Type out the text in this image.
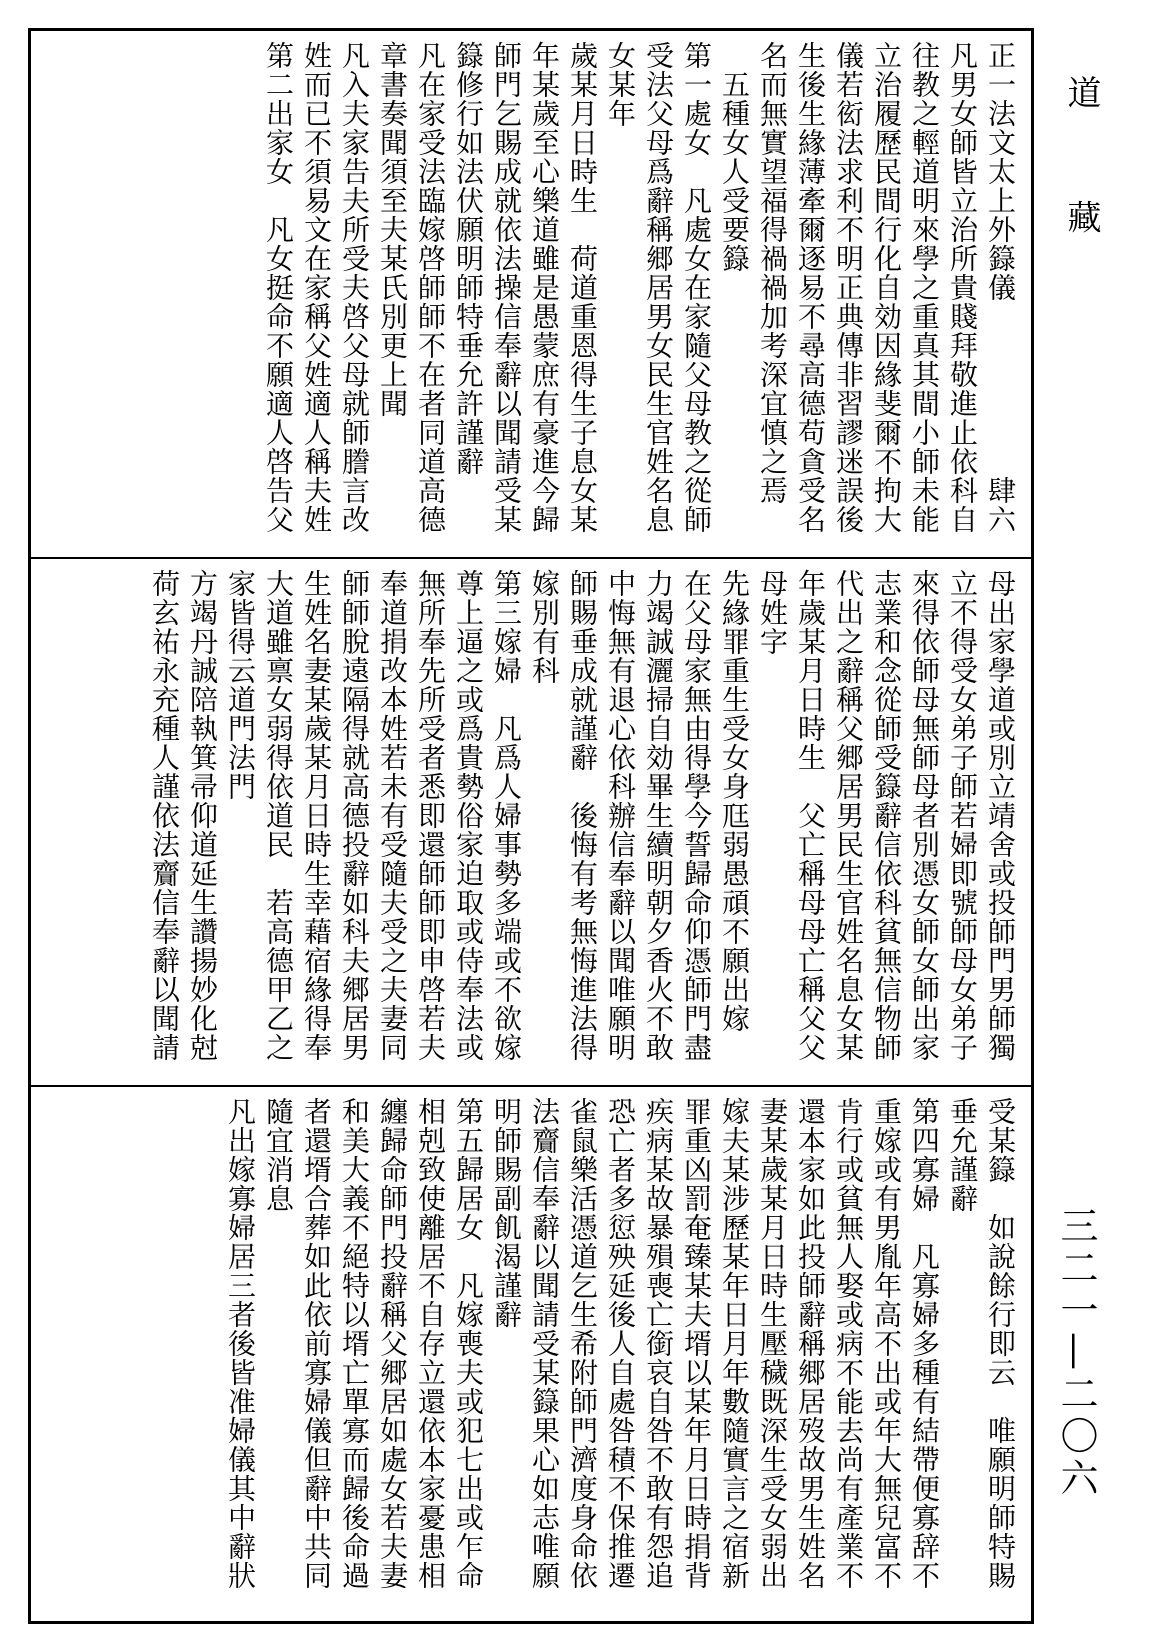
正一法文太上外籙儀　　　　　　肆六
凡男女師皆立治所貴賤拜敬進止依科自
往教之輕道明來學之重真其間小師未能
立治履歷民間行化自効因緣斐爾不拘大
儀若衒法求利不明正典傳非習謬迷誤後
生後生緣薄牽爾逐易不尋高德苟貪受名
名而無實望福得禍禍加考深宜慎之焉
　五種女人受要籙
第一處女　凡處女在家隨父母教之從師
受法父母爲辭稱郷居男女民生官姓名息女某年
歲某月日時生　荷道重恩得生子息女某
年某歲至心樂道雖是愚蒙庶有豪進今歸
師門乞賜成就依法操信奉辭以聞請受某
籙修行如法伏願明師特垂允許謹辭
凡在家受法臨嫁啓師師不在者同道高德
章書奏聞須至夫某氏別更上聞
凡入夫家告夫所受夫啓父母就師謄言改
姓而已不須易文在家稱父姓適人稱夫姓
第二出家女　凡女挺命不願適人啓告父
母出家學道或別立靖舍或投師門男師獨
立不得受女弟子師若婦即號師母女弟子
來得依師母無師母者別憑女師女師出家
志業和念從師受籙辭信依科貧無信物師
代出之辭稱父郷居男民生官姓名息女某
年歲某月日時生　父亡稱母母亡稱父父母姓字
先緣罪重生受女身尫弱愚頑不願出嫁
在父母家無由得學今誓歸命仰憑師門盡
力竭誠灑掃自効畢生續明朝夕香火不敢
中悔無有退心依科辦信奉辭以聞唯願明
師賜垂成就謹辭　後悔有考無悔進法得嫁別有科
第三嫁婦　凡爲人婦事勢多端或不欲嫁
尊上逼之或爲貴勢俗家迫取或侍奉法或
無所奉先所受者悉即還師師即申啓若夫
奉道捐改本姓若未有受隨夫受之夫妻同
師師脫遠隔得就高德投辭如科夫郷居男
生姓名妻某歲某月日時生幸藉宿緣得奉
大道雖禀女弱得依道民　若高德甲乙之家皆得云道門法門
方竭丹誠陪執箕帚仰道延生讚揚妙化尅
荷玄祐永充種人謹依法齎信奉辭以聞請
受某籙　如說餘行即云　唯願明師特賜垂允謹辭
第四寡婦　凡寡婦多種有結帶便寡辞不
重嫁或有男胤年高不出或年大無兒富不
肯行或貧無人娶或病不能去尚有產業不
還本家如此投師辭稱郷居歿故男生姓名
妻某歲某月日時生壓穢既深生受女弱出
嫁夫某涉歷某年日月年數隨實言之宿新
罪重凶罰奄臻某夫壻以某年月日時捐背
疾病某故暴殞喪亡銜哀自咎不敢有怨追
恐亡者多愆殃延後人自處咎積不保推遷
雀鼠樂活憑道乞生希附師門濟度身命依
法齎信奉辭以聞請受某籙果心如志唯願
明師賜副飢渴謹辭
第五歸居女　凡嫁喪夫或犯七出或乍命
相剋致使離居不自存立還依本家憂患相
纏歸命師門投辭稱父郷居如處女若夫妻
和美大義不絕特以壻亡單寡而歸後命過
者還壻合葬如此依前寡婦儀但辭中共同
隨宜消息
凡出嫁寡婦居三者後皆准婦儀其中辭狀
道 藏
三二一—二〇六
